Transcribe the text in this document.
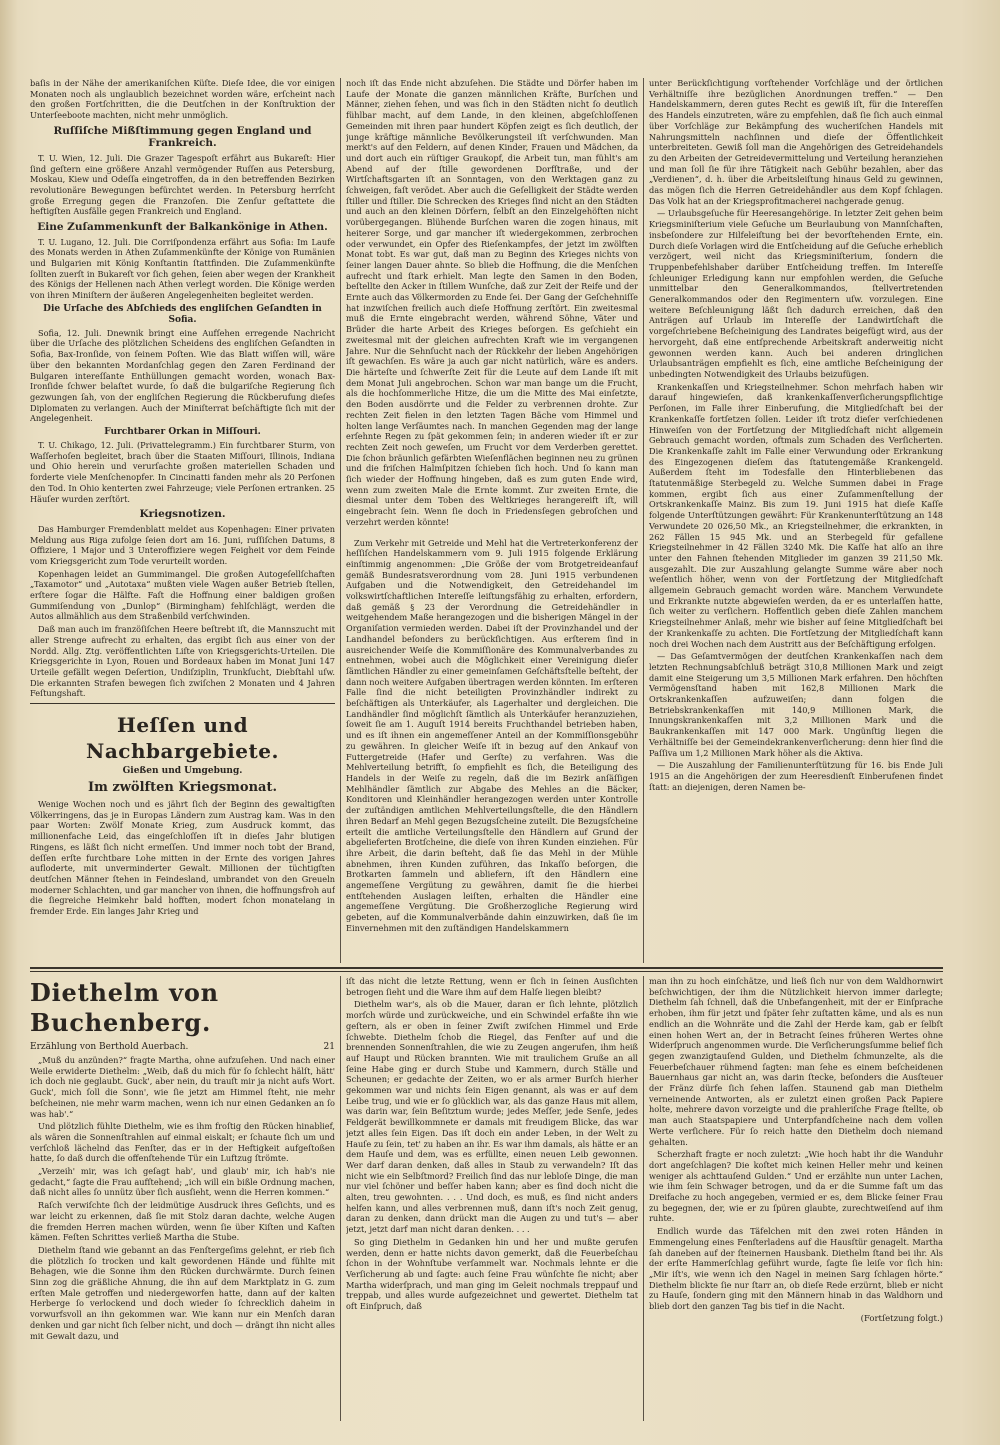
baſis in der Nähe der amerikaniſchen Küſte. Dieſe Idee, die vor einigen Monaten noch als unglaublich bezeichnet worden wäre, erſcheint nach den großen Fortſchritten, die die Deutſchen in der Konſtruktion der Unterſeeboote machten, nicht mehr unmöglich.

Ruſſiſche Mißſtimmung gegen England und Frankreich.

T. U. Wien, 12. Juli. Die Grazer Tagespoſt erfährt aus Bukareſt: Hier ſind geſtern eine größere Anzahl vermögender Ruſſen aus Petersburg, Moskau, Kiew und Odeſſa eingetroffen, da in den betreffenden Bezirken revolutionäre Bewegungen befürchtet werden. In Petersburg herrſcht große Erregung gegen die Franzoſen. Die Zenſur geſtattete die heftigſten Ausfälle gegen Frankreich und England.

Eine Zuſammenkunft der Balkankönige in Athen.

T. U. Lugano, 12. Juli. Die Corriſpondenza erfährt aus Sofia: Im Laufe des Monats werden in Athen Zuſammenkünfte der Könige von Rumänien und Bulgarien mit König Konſtantin ſtattfinden. Die Zuſammenkünfte ſollten zuerſt in Bukareſt vor ſich gehen, ſeien aber wegen der Krankheit des Königs der Hellenen nach Athen verlegt worden. Die Könige werden von ihren Miniſtern der äußeren Angelegenheiten begleitet werden.

Die Urſache des Abſchieds des engliſchen Geſandten in Sofia.

Sofia, 12. Juli. Dnewnik bringt eine Aufſehen erregende Nachricht über die Urſache des plötzlichen Scheidens des engliſchen Geſandten in Sofia, Bax-Ironſide, von ſeinem Poſten. Wie das Blatt wiſſen will, wäre über den bekannten Mordanſchlag gegen den Zaren Ferdinand der Bulgaren intereſſante Enthüllungen gemacht worden, wonach Bax-Ironſide ſchwer belaſtet wurde, ſo daß die bulgariſche Regierung ſich gezwungen ſah, von der engliſchen Regierung die Rückberufung dieſes Diplomaten zu verlangen. Auch der Miniſterrat beſchäftigte ſich mit der Angelegenheit.

Furchtbarer Orkan in Miſſouri.

T. U. Chikago, 12. Juli. (Privattelegramm.) Ein furchtbarer Sturm, von Waſſerhoſen begleitet, brach über die Staaten Miſſouri, Illinois, Indiana und Ohio herein und verurſachte großen materiellen Schaden und forderte viele Menſchenopfer. In Cincinatti fanden mehr als 20 Perſonen den Tod. In Ohio kenterten zwei Fahrzeuge; viele Perſonen ertranken. 25 Häuſer wurden zerſtört.

Kriegsnotizen.

Das Hamburger Fremdenblatt meldet aus Kopenhagen: Einer privaten Meldung aus Riga zufolge ſeien dort am 16. Juni, ruſſiſchen Datums, 8 Offiziere, 1 Major und 3 Unteroffiziere wegen Feigheit vor dem Feinde vom Kriegsgericht zum Tode verurteilt worden.

Kopenhagen leidet an Gummimangel. Die großen Autogeſellſchaften „Taxamotor“ und „Autotaxa“ mußten viele Wagen außer Betrieb ſtellen, erſtere ſogar die Hälfte. Faſt die Hoffnung einer baldigen großen Gummiſendung von „Dunlop“ (Birmingham) fehlſchlägt, werden die Autos allmählich aus dem Straßenbild verſchwinden.

Daß man auch im franzöſiſchen Heere beſtrebt iſt, die Mannszucht mit aller Strenge aufrecht zu erhalten, das ergibt ſich aus einer von der Nordd. Allg. Ztg. veröffentlichten Liſte von Kriegsgerichts-Urteilen. Die Kriegsgerichte in Lyon, Rouen und Bordeaux haben im Monat Juni 147 Urteile gefällt wegen Deſertion, Undiſziplin, Trunkſucht, Diebſtahl uſw. Die erkannten Strafen bewegen ſich zwiſchen 2 Monaten und 4 Jahren Feſtungshaft.

Heſſen und Nachbargebiete.
Gießen und Umgebung.
Im zwölften Kriegsmonat.

Wenige Wochen noch und es jährt ſich der Beginn des gewaltigſten Völkerringens, das je in Europas Ländern zum Austrag kam. Was in den paar Worten: Zwölf Monate Krieg, zum Ausdruck kommt, das millionenfache Leid, das eingeſchloſſen iſt in dieſes Jahr blutigen Ringens, es läßt ſich nicht ermeſſen. Und immer noch tobt der Brand, deſſen erſte furchtbare Lohe mitten in der Ernte des vorigen Jahres aufloderte, mit unverminderter Gewalt. Millionen der tüchtigſten deutſchen Männer ſtehen in Feindesland, umbrandet von den Greueln moderner Schlachten, und gar mancher von ihnen, die hoffnungsfroh auf die ſiegreiche Heimkehr bald hofften, modert ſchon monatelang in fremder Erde. Ein langes Jahr Krieg und

noch iſt das Ende nicht abzuſehen. Die Städte und Dörfer haben im Laufe der Monate die ganzen männlichen Kräfte, Burſchen und Männer, ziehen ſehen, und was ſich in den Städten nicht ſo deutlich fühlbar macht, auf dem Lande, in den kleinen, abgeſchloſſenen Gemeinden mit ihren paar hundert Köpfen zeigt es ſich deutlich, der junge kräftige männliche Bevölkerungsteil iſt verſchwunden. Man merkt's auf den Feldern, auf denen Kinder, Frauen und Mädchen, da und dort auch ein rüſtiger Graukopf, die Arbeit tun, man fühlt's am Abend auf der ſtille gewordenen Dorfſtraße, und der Wirtſchaftsgarten iſt an Sonntagen, von den Werktagen ganz zu ſchweigen, faſt verödet. Aber auch die Geſelligkeit der Städte werden ſtiller und ſtiller. Die Schrecken des Krieges ſind nicht an den Städten und auch an den kleinen Dörfern, ſelbſt an den Einzelgehöften nicht vorübergegangen. Blühende Burſchen waren die zogen hinaus, mit heiterer Sorge, und gar mancher iſt wiedergekommen, zerbrochen oder verwundet, ein Opfer des Rieſenkampfes, der jetzt im zwölften Monat tobt. Es war gut, daß man zu Beginn des Krieges nichts von ſeiner langen Dauer ahnte. So blieb die Hoffnung, die die Menſchen aufrecht und ſtark erhielt. Man legte den Samen in den Boden, beſtellte den Acker in ſtillem Wunſche, daß zur Zeit der Reife und der Ernte auch das Völkermorden zu Ende ſei. Der Gang der Geſchehniſſe hat inzwiſchen freilich auch dieſe Hoffnung zerſtört. Ein zweitesmal muß die Ernte eingebracht werden, während Söhne, Väter und Brüder die harte Arbeit des Krieges beſorgen. Es geſchieht ein zweitesmal mit der gleichen aufrechten Kraft wie im vergangenen Jahre. Nur die Sehnſucht nach der Rückkehr der lieben Angehörigen iſt gewachſen. Es wäre ja auch gar nicht natürlich, wäre es anders. Die härteſte und ſchwerſte Zeit für die Leute auf dem Lande iſt mit dem Monat Juli angebrochen. Schon war man bange um die Frucht, als die hochſommerliche Hitze, die um die Mitte des Mai einſetzte, den Boden ausdörrte und die Felder zu verbrennen drohte. Zur rechten Zeit fielen in den letzten Tagen Bäche vom Himmel und holten lange Verſäumtes nach. In manchen Gegenden mag der lange erſehnte Regen zu ſpät gekommen ſein; in anderen wieder iſt er zur rechten Zeit noch geweſen, um Frucht vor dem Verderben gerettet. Die ſchon bräunlich gefärbten Wieſenflächen beginnen neu zu grünen und die friſchen Halmſpitzen ſchieben ſich hoch. Und ſo kann man ſich wieder der Hoffnung hingeben, daß es zum guten Ende wird, wenn zum zweiten Male die Ernte kommt. Zur zweiten Ernte, die diesmal unter dem Toben des Weltkrieges herangereift iſt, will eingebracht ſein. Wenn ſie doch in Friedensſegen gebroſchen und verzehrt werden könnte!

Zum Verkehr mit Getreide und Mehl hat die Vertreterkonferenz der heſſiſchen Handelskammern vom 9. Juli 1915 folgende Erklärung einſtimmig angenommen: „Die Größe der vom Brotgetreideanfauf gemäß Bundesratsverordnung vom 28. Juni 1915 verbundenen Aufgaben und die Notwendigkeit, den Getreidehandel im volkswirtſchaftlichen Intereſſe leiſtungsfähig zu erhalten, erfordern, daß gemäß § 23 der Verordnung die Getreidehändler in weitgehendem Maße herangezogen und die bisherigen Mängel in der Organiſation vermieden werden. Dabei iſt der Provinzhandel und der Landhandel beſonders zu berückſichtigen. Aus erſterem ſind in ausreichender Weiſe die Kommiſſionäre des Kommunalverbandes zu entnehmen, wobei auch die Möglichkeit einer Vereinigung dieſer ſämtlichen Händler zu einer gemeinſamen Geſchäftsſtelle beſteht, der dann noch weitere Aufgaben übertragen werden könnten. Im erſteren Falle ſind die nicht beteiligten Provinzhändler indirekt zu beſchäftigen als Unterkäufer, als Lagerhalter und dergleichen. Die Landhändler ſind möglichſt ſämtlich als Unterkäufer heranzuziehen, ſoweit ſie am 1. Auguſt 1914 bereits Fruchthandel betrieben haben, und es iſt ihnen ein angemeſſener Anteil an der Kommiſſionsgebühr zu gewähren. In gleicher Weiſe iſt in bezug auf den Ankauf von Futtergetreide (Hafer und Gerſte) zu verfahren. Was die Mehlverteilung betrifft, ſo empfiehlt es ſich, die Beteiligung des Handels in der Weiſe zu regeln, daß die im Bezirk anſäſſigen Mehlhändler ſämtlich zur Abgabe des Mehles an die Bäcker, Konditoren und Kleinhändler herangezogen werden unter Kontrolle der zuſtändigen amtlichen Mehlverteilungsſtelle, die den Händlern ihren Bedarf an Mehl gegen Bezugsſcheine zuteilt. Die Bezugsſcheine erteilt die amtliche Verteilungsſtelle den Händlern auf Grund der abgelieferten Brotſcheine, die dieſe von ihren Kunden einziehen. Für ihre Arbeit, die darin beſteht, daß ſie das Mehl in der Mühle abnehmen, ihren Kunden zuführen, das Inkaſſo beſorgen, die Brotkarten ſammeln und abliefern, iſt den Händlern eine angemeſſene Vergütung zu gewähren, damit ſie die hierbei entſtehenden Auslagen leiſten, erhalten die Händler eine angemeſſene Vergütung. Die Großherzogliche Regierung wird gebeten, auf die Kommunalverbände dahin einzuwirken, daß ſie im Einvernehmen mit den zuſtändigen Handelskammern

unter Berückſichtigung vorſtehender Vorſchläge und der örtlichen Verhältniſſe ihre bezüglichen Anordnungen treffen.“ — Den Handelskammern, deren gutes Recht es gewiß iſt, für die Intereſſen des Handels einzutreten, wäre zu empfehlen, daß ſie ſich auch einmal über Vorſchläge zur Bekämpfung des wucheriſchen Handels mit Nahrungsmitteln nachſinnen und dieſe der Öffentlichkeit unterbreiteten. Gewiß ſoll man die Angehörigen des Getreidehandels zu den Arbeiten der Getreidevermittelung und Verteilung heranziehen und man ſoll ſie für ihre Tätigkeit nach Gebühr bezahlen, aber das „Verdienen“, d. h. über die Arbeitsleiſtung hinaus Geld zu gewinnen, das mögen ſich die Herren Getreidehändler aus dem Kopf ſchlagen. Das Volk hat an der Kriegsprofitmacherei nachgerade genug.

— Urlaubsgeſuche für Heeresangehörige. In letzter Zeit gehen beim Kriegsminiſterium viele Geſuche um Beurlaubung von Mannſchaften, insbeſondere zur Hilfeleiſtung bei der bevorſtehenden Ernte, ein. Durch dieſe Vorlagen wird die Entſcheidung auf die Geſuche erheblich verzögert, weil nicht das Kriegsminiſterium, ſondern die Truppenbefehlshaber darüber Entſcheidung treffen. Im Intereſſe ſchleuniger Erledigung kann nur empfohlen werden, die Geſuche unmittelbar den Generalkommandos, ſtellvertretenden Generalkommandos oder den Regimentern uſw. vorzulegen. Eine weitere Beſchleunigung läßt ſich dadurch erreichen, daß den Anträgen auf Urlaub im Intereſſe der Landwirtſchaft die vorgeſchriebene Beſcheinigung des Landrates beigefügt wird, aus der hervorgeht, daß eine entſprechende Arbeitskraft anderweitig nicht gewonnen werden kann. Auch bei anderen dringlichen Urlaubsanträgen empfiehlt es ſich, eine amtliche Beſcheinigung der unbedingten Notwendigkeit des Urlaubs beizufügen.

Krankenkaſſen und Kriegsteilnehmer. Schon mehrfach haben wir darauf hingewieſen, daß krankenkaſſenverſicherungspflichtige Perſonen, im Falle ihrer Einberufung, die Mitgliedſchaft bei der Krankenkaſſe fortſetzen ſollen. Leider iſt trotz dieſer verſchiedenen Hinweiſen von der Fortſetzung der Mitgliedſchaft nicht allgemein Gebrauch gemacht worden, oftmals zum Schaden des Verſicherten. Die Krankenkaſſe zahlt im Falle einer Verwundung oder Erkrankung des Eingezogenen dieſem das ſtatutengemäße Krankengeld. Außerdem ſteht im Todesfalle den Hinterbliebenen das ſtatutenmäßige Sterbegeld zu. Welche Summen dabei in Frage kommen, ergibt ſich aus einer Zuſammenſtellung der Ortskrankenkaſſe Mainz. Bis zum 19. Juni 1915 hat dieſe Kaſſe folgende Unterſtützungen gewährt: Für Krankenunterſtützung an 148 Verwundete 20 026,50 Mk., an Kriegsteilnehmer, die erkrankten, in 262 Fällen 15 945 Mk. und an Sterbegeld für gefallene Kriegsteilnehmer in 42 Fällen 3240 Mk. Die Kaſſe hat alſo an ihre unter den Fahnen ſtehenden Mitglieder im ganzen 39 211,50 Mk. ausgezahlt. Die zur Auszahlung gelangte Summe wäre aber noch weſentlich höher, wenn von der Fortſetzung der Mitgliedſchaft allgemein Gebrauch gemacht worden wäre. Manchem Verwundete und Erkrankte nutzte abgewieſen werden, da er es unterlaſſen hatte, ſich weiter zu verſichern. Hoffentlich geben dieſe Zahlen manchem Kriegsteilnehmer Anlaß, mehr wie bisher auf ſeine Mitgliedſchaft bei der Krankenkaſſe zu achten. Die Fortſetzung der Mitgliedſchaft kann noch drei Wochen nach dem Austritt aus der Beſchäftigung erfolgen.

— Das Geſamtvermögen der deutſchen Krankenkaſſen nach dem letzten Rechnungsabſchluß beträgt 310,8 Millionen Mark und zeigt damit eine Steigerung um 3,5 Millionen Mark erfahren. Den höchſten Vermögensſtand haben mit 162,8 Millionen Mark die Ortskrankenkaſſen aufzuweiſen; dann folgen die Betriebskrankenkaſſen mit 140,9 Millionen Mark, die Innungskrankenkaſſen mit 3,2 Millionen Mark und die Baukrankenkaſſen mit 147 000 Mark. Ungünſtig liegen die Verhältniſſe bei der Gemeindekrankenverſicherung: denn hier ſind die Paſſiva um 1,2 Millionen Mark höher als die Aktiva.

— Die Auszahlung der Familienunterſtützung für 16. bis Ende Juli 1915 an die Angehörigen der zum Heeresdienſt Einberufenen findet ſtatt: an diejenigen, deren Namen be-

Diethelm von Buchenberg.
Erzählung von Berthold Auerbach.	21

„Muß du anzünden?“ fragte Martha, ohne aufzuſehen. Und nach einer Weile erwiderte Diethelm: „Weib, daß du mich für ſo ſchlecht hälſt, hätt' ich doch nie geglaubt. Guck', aber nein, du trauſt mir ja nicht aufs Wort. Guck', mich ſoll die Sonn', wie ſie jetzt am Himmel ſteht, nie mehr beſcheinen, nie mehr warm machen, wenn ich nur einen Gedanken an ſo was hab'.“

Und plötzlich fühlte Diethelm, wie es ihm froſtig den Rücken hinablief, als wären die Sonnenſtrahlen auf einmal eiskalt; er ſchaute ſich um und verſchloß lächelnd das Fenſter, das er in der Heftigkeit aufgeſtoßen hatte, ſo daß durch die offenſtehende Tür ein Luftzug ſtrömte.

„Verzeih' mir, was ich geſagt hab', und glaub' mir, ich hab's nie gedacht,“ ſagte die Frau aufſtehend; „ich will ein bißle Ordnung machen, daß nicht alles ſo unnütz über ſich ausſieht, wenn die Herren kommen.“

Raſch verwiſchte ſich der leidmütige Ausdruck ihres Geſichts, und es war leicht zu erkennen, daß ſie mit Stolz daran dachte, welche Augen die fremden Herren machen würden, wenn ſie über Kiſten und Kaſten kämen. Feſten Schrittes verließ Martha die Stube.

Diethelm ſtand wie gebannt an das Fenſtergeſims gelehnt, er rieb ſich die plötzlich ſo trocken und kalt gewordenen Hände und fühlte mit Behagen, wie die Sonne ihm den Rücken durchwärmte. Durch ſeinen Sinn zog die gräßliche Ahnung, die ihn auf dem Marktplatz in G. zum erſten Male getroffen und niedergeworfen hatte, dann auf der kalten Herberge ſo verlockend und doch wieder ſo ſchrecklich daheim in vorwurfsvoll an ihn gekommen war. Wie kann nur ein Menſch daran denken und gar nicht ſich ſelber nicht, und doch — drängt ihn nicht alles mit Gewalt dazu, und

iſt das nicht die letzte Rettung, wenn er ſich in ſeinen Ausſichten betrogen ſieht und die Ware ihm auf dem Halſe liegen bleibt?

Diethelm war's, als ob die Mauer, daran er ſich lehnte, plötzlich morſch würde und zurückweiche, und ein Schwindel erfaßte ihn wie geſtern, als er oben in ſeiner Zwiſt zwiſchen Himmel und Erde ſchwebte. Diethelm ſchob die Riegel, das Fenſter auf und die brennenden Sonnenſtrahlen, die wie zu Zeugen angerufen, ihm heiß auf Haupt und Rücken brannten. Wie mit traulichem Gruße an all ſeine Habe ging er durch Stube und Kammern, durch Ställe und Scheunen; er gedachte der Zeiten, wo er als armer Burſch hierher gekommen war und nichts ſein Eigen genannt, als was er auf dem Leibe trug, und wie er ſo glücklich war, als das ganze Haus mit allem, was darin war, ſein Beſitztum wurde; jedes Meſſer, jede Senſe, jedes Feldgerät bewillkommnete er damals mit freudigem Blicke, das war jetzt alles ſein Eigen. Das iſt doch ein ander Leben, in der Welt zu Hauſe zu ſein, tet' zu haben an ihr. Es war ihm damals, als hätte er an dem Hauſe und dem, was es erfüllte, einen neuen Leib gewonnen. Wer darf daran denken, daß alles in Staub zu verwandeln? Iſt das nicht wie ein Selbſtmord? Freilich ſind das nur lebloſe Dinge, die man nur viel ſchöner und beſſer haben kann; aber es ſind doch nicht die alten, treu gewohnten. . . . Und doch, es muß, es ſind nicht anders helfen kann, und alles verbrennen muß, dann iſt's noch Zeit genug, daran zu denken, dann drückt man die Augen zu und tut's — aber jetzt, jetzt darf man nicht daran denken. . . .

So ging Diethelm in Gedanken hin und her und mußte gerufen werden, denn er hatte nichts davon gemerkt, daß die Feuerbeſchau ſchon in der Wohnſtube verſammelt war. Nochmals lehnte er die Verſicherung ab und ſagte: auch ſeine Frau wünſchte ſie nicht; aber Martha widerſprach, und man ging im Geleit nochmals treppauf und treppab, und alles wurde aufgezeichnet und gewertet. Diethelm tat oft Einſpruch, daß

man ihn zu hoch einſchätze, und ließ ſich nur von dem Waldhornwirt beſchwichtigen, der ihm die Nützlichkeit hiervon immer darlegte; Diethelm ſah ſchnell, daß die Unbefangenheit, mit der er Einſprache erhoben, ihm für jetzt und ſpäter ſehr zuſtatten käme, und als es nun endlich an die Wohnräte und die Zahl der Herde kam, gab er ſelbſt einen hohen Wert an, der in Betracht ſeines früheren Wertes ohne Widerſpruch angenommen wurde. Die Verſicherungsſumme belief ſich gegen zwanzigtauſend Gulden, und Diethelm ſchmunzelte, als die Feuerbeſchauer rühmend ſagten: man ſehe es einem beſcheidenen Bauernhaus gar nicht an, was darin ſtecke, beſonders die Ausſteuer der Fränz dürfe ſich ſehen laſſen. Staunend gab man Diethelm verneinende Antworten, als er zuletzt einen großen Pack Papiere holte, mehrere davon vorzeigte und die prahleriſche Frage ſtellte, ob man auch Staatspapiere und Unterpfandſcheine nach dem vollen Werte verſichere. Für ſo reich hatte den Diethelm doch niemand gehalten.

Scherzhaft fragte er noch zuletzt: „Wie hoch habt ihr die Wanduhr dort angeſchlagen? Die koſtet mich keinen Heller mehr und keinen weniger als achttauſend Gulden.“ Und er erzählte nun unter Lachen, wie ihm ſein Schwager betrogen, und da er die Summe faſt um das Dreifache zu hoch angegeben, vermied er es, dem Blicke ſeiner Frau zu begegnen, der, wie er zu ſpüren glaubte, zurechtweiſend auf ihm ruhte.

Endlich wurde das Täfelchen mit den zwei roten Händen in Emmengelung eines Fenſterladens auf die Hausſtür genagelt. Martha ſah daneben auf der ſteinernen Hausbank. Diethelm ſtand bei ihr. Als der erſte Hammerſchlag geführt wurde, ſagte ſie leiſe vor ſich hin: „Mir iſt's, wie wenn ich den Nagel in meinen Sarg ſchlagen hörte.“ Diethelm blickte ſie nur ſtarr an, ob dieſe Rede erzürnt, blieb er nicht zu Hauſe, ſondern ging mit den Männern hinab in das Waldhorn und blieb dort den ganzen Tag bis tief in die Nacht.

(Fortſetzung folgt.)
